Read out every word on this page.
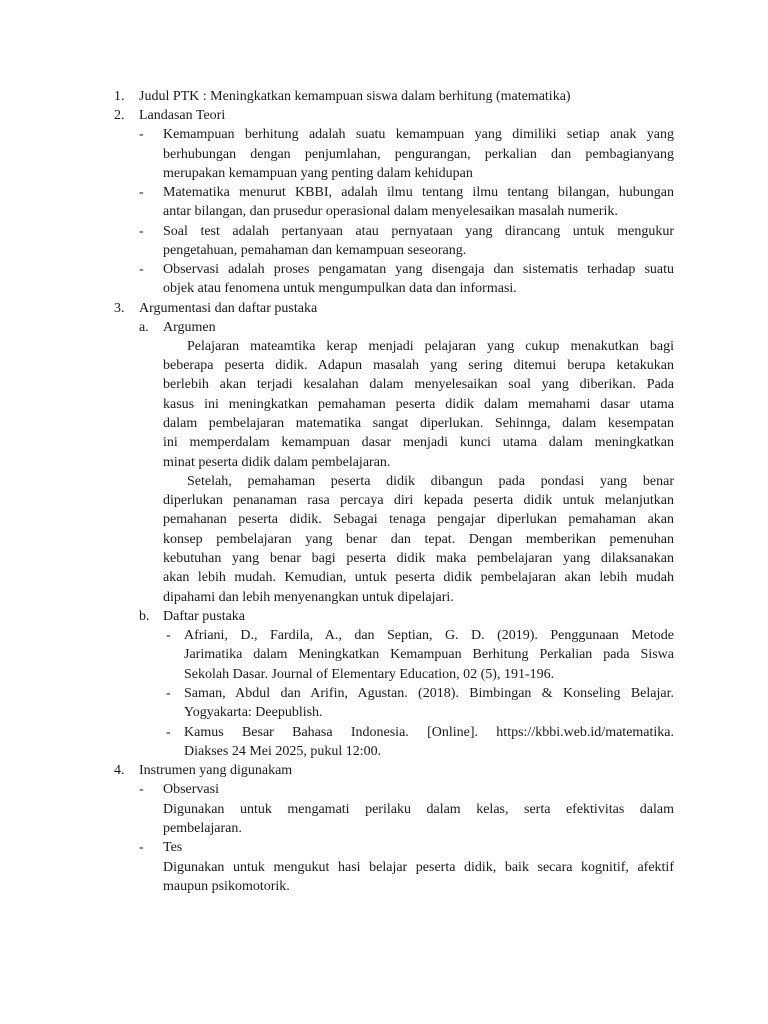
1. Judul PTK : Meningkatkan kemampuan siswa dalam berhitung (matematika)
2. Landasan Teori
- Kemampuan berhitung adalah suatu kemampuan yang dimiliki setiap anak yang
berhubungan dengan penjumlahan, pengurangan, perkalian dan pembagianyang
merupakan kemampuan yang penting dalam kehidupan
- Matematika menurut KBBI, adalah ilmu tentang ilmu tentang bilangan, hubungan
antar bilangan, dan prusedur operasional dalam menyelesaikan masalah numerik.
- Soal test adalah pertanyaan atau pernyataan yang dirancang untuk mengukur
pengetahuan, pemahaman dan kemampuan seseorang.
- Observasi adalah proses pengamatan yang disengaja dan sistematis terhadap suatu
objek atau fenomena untuk mengumpulkan data dan informasi.
3. Argumentasi dan daftar pustaka
a. Argumen
Pelajaran mateamtika kerap menjadi pelajaran yang cukup menakutkan bagi
beberapa peserta didik. Adapun masalah yang sering ditemui berupa ketakukan
berlebih akan terjadi kesalahan dalam menyelesaikan soal yang diberikan. Pada
kasus ini meningkatkan pemahaman peserta didik dalam memahami dasar utama
dalam pembelajaran matematika sangat diperlukan. Sehinnga, dalam kesempatan
ini memperdalam kemampuan dasar menjadi kunci utama dalam meningkatkan
minat peserta didik dalam pembelajaran.
Setelah, pemahaman peserta didik dibangun pada pondasi yang benar
diperlukan penanaman rasa percaya diri kepada peserta didik untuk melanjutkan
pemahanan peserta didik. Sebagai tenaga pengajar diperlukan pemahaman akan
konsep pembelajaran yang benar dan tepat. Dengan memberikan pemenuhan
kebutuhan yang benar bagi peserta didik maka pembelajaran yang dilaksanakan
akan lebih mudah. Kemudian, untuk peserta didik pembelajaran akan lebih mudah
dipahami dan lebih menyenangkan untuk dipelajari.
b. Daftar pustaka
- Afriani, D., Fardila, A., dan Septian, G. D. (2019). Penggunaan Metode
Jarimatika dalam Meningkatkan Kemampuan Berhitung Perkalian pada Siswa
Sekolah Dasar. Journal of Elementary Education, 02 (5), 191-196.
- Saman, Abdul dan Arifin, Agustan. (2018). Bimbingan & Konseling Belajar.
Yogyakarta: Deepublish.
- Kamus Besar Bahasa Indonesia. [Online]. https://kbbi.web.id/matematika.
Diakses 24 Mei 2025, pukul 12:00.
4. Instrumen yang digunakam
- Observasi
Digunakan untuk mengamati perilaku dalam kelas, serta efektivitas dalam
pembelajaran.
- Tes
Digunakan untuk mengukut hasi belajar peserta didik, baik secara kognitif, afektif
maupun psikomotorik.
